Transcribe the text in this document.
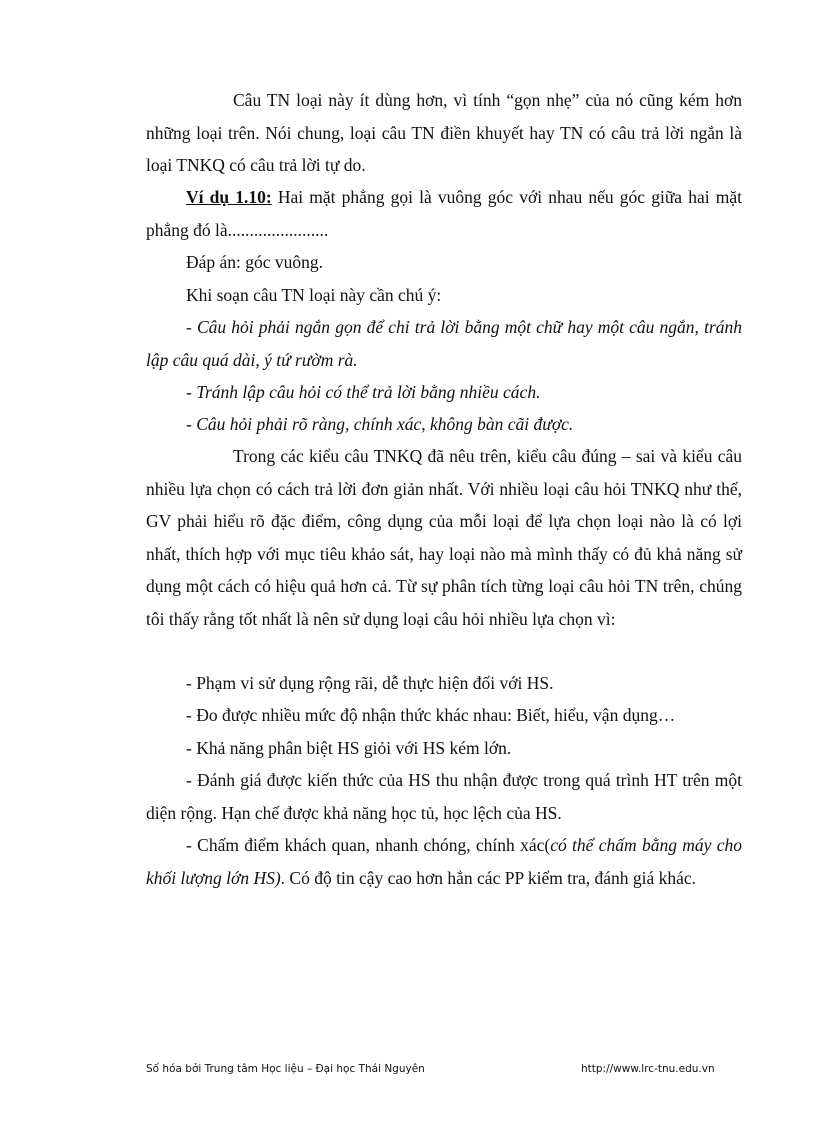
Câu TN loại này ít dùng hơn, vì tính “gọn nhẹ” của nó cũng kém hơn những loại trên. Nói chung, loại câu TN điền khuyết hay TN có câu trả lời ngắn là loại TNKQ có câu trả lời tự do.

Ví dụ 1.10: Hai mặt phẳng gọi là vuông góc với nhau nếu góc giữa hai mặt phẳng đó là.......................

Đáp án: góc vuông.

Khi soạn câu TN loại này cần chú ý:

- Câu hỏi phải ngắn gọn để chỉ trả lời bằng một chữ hay một câu ngắn, tránh lập câu quá dài, ý tứ rườm rà.

- Tránh lập câu hỏi có thể trả lời bằng nhiều cách.

- Câu hỏi phải rõ ràng, chính xác, không bàn cãi được.

Trong các kiểu câu TNKQ đã nêu trên, kiểu câu đúng – sai và kiểu câu nhiều lựa chọn có cách trả lời đơn giản nhất. Với nhiều loại câu hỏi TNKQ như thế, GV phải hiểu rõ đặc điểm, công dụng của mỗi loại để lựa chọn loại nào là có lợi nhất, thích hợp với mục tiêu khảo sát, hay loại nào mà mình thấy có đủ khả năng sử dụng một cách có hiệu quả hơn cả. Từ sự phân tích từng loại câu hỏi TN trên, chúng tôi thấy rằng tốt nhất là nên sử dụng loại câu hỏi nhiều lựa chọn vì:

- Phạm vi sử dụng rộng rãi, dễ thực hiện đối với HS.

- Đo được nhiều mức độ nhận thức khác nhau: Biết, hiểu, vận dụng…

- Khả năng phân biệt HS giỏi với HS kém lớn.

- Đánh giá được kiến thức của HS thu nhận được trong quá trình HT trên một diện rộng. Hạn chế được khả năng học tủ, học lệch của HS.

- Chấm điểm khách quan, nhanh chóng, chính xác(có thể chấm bằng máy cho khối lượng lớn HS). Có độ tin cậy cao hơn hẳn các PP kiểm tra, đánh giá khác.

Số hóa bởi Trung tâm Học liệu – Đại học Thái Nguyên	http://www.lrc-tnu.edu.vn
